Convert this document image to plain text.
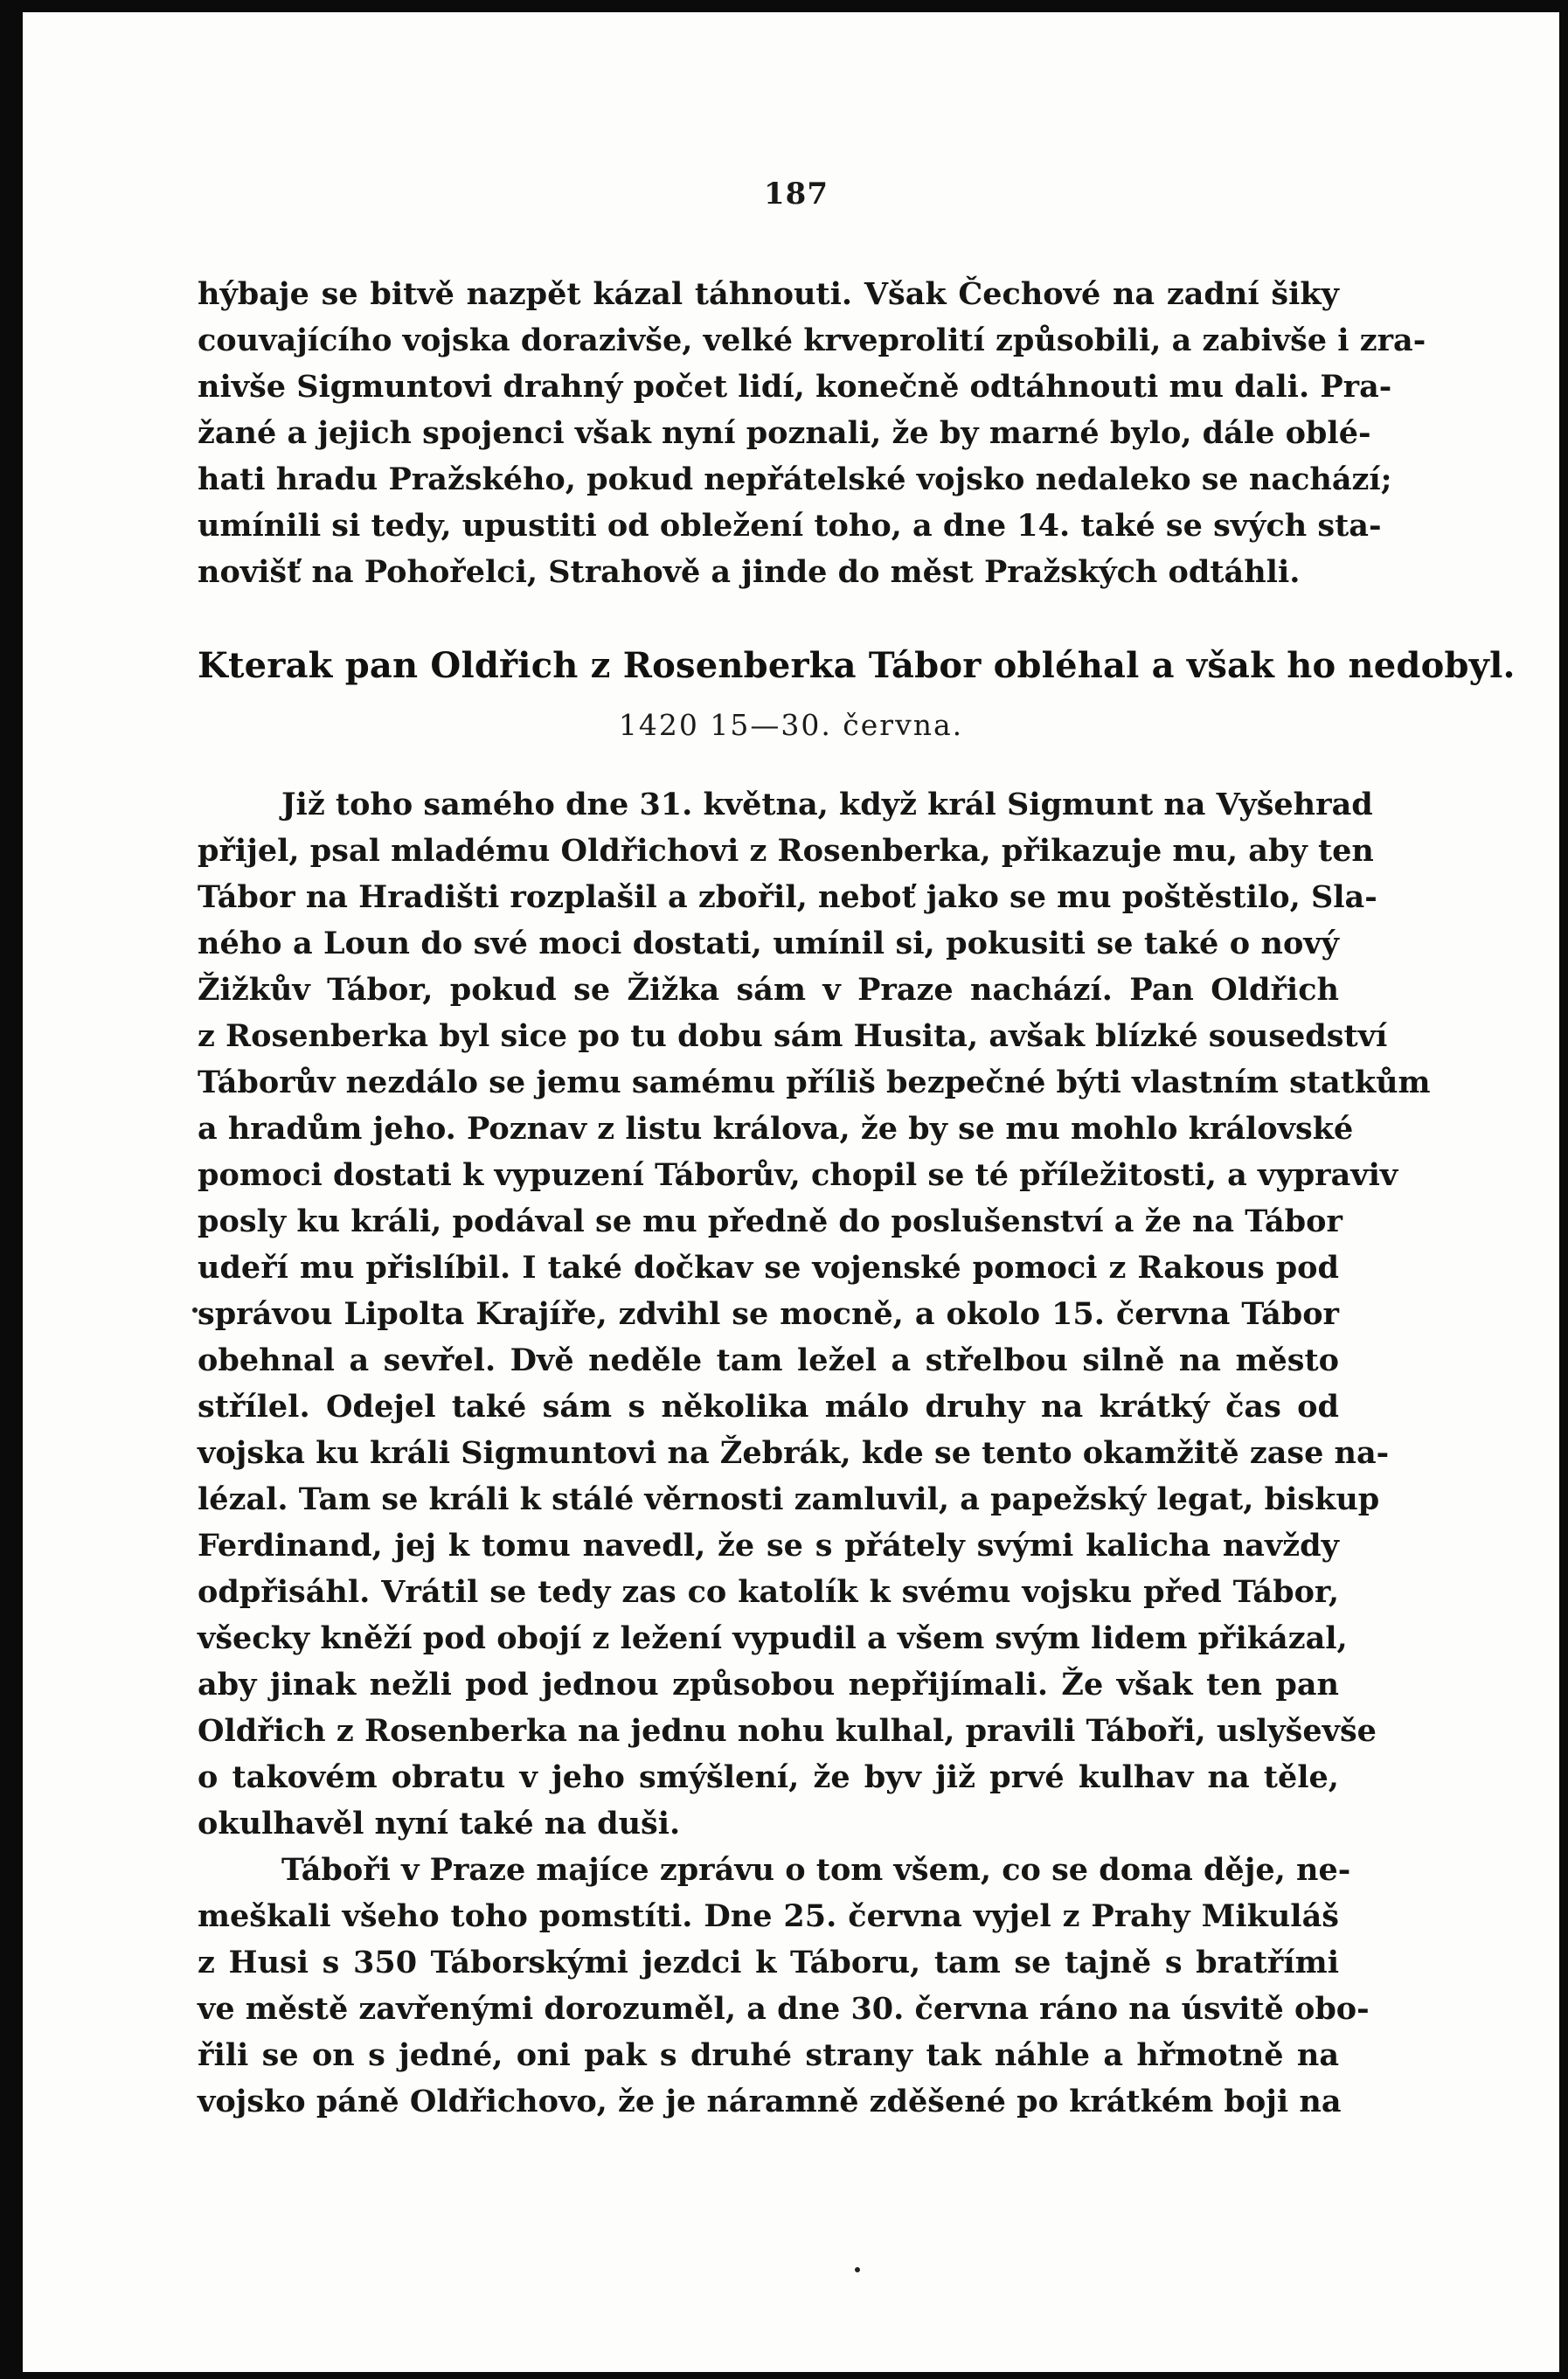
187
hýbaje se bitvě nazpět kázal táhnouti. Však Čechové na zadní šiky
couvajícího vojska dorazivše, velké krveprolití způsobili, a zabivše i zra-
nivše Sigmuntovi drahný počet lidí, konečně odtáhnouti mu dali. Pra-
žané a jejich spojenci však nyní poznali, že by marné bylo, dále oblé-
hati hradu Pražského, pokud nepřátelské vojsko nedaleko se nachází;
umínili si tedy, upustiti od obležení toho, a dne 14. také se svých sta-
novišť na Pohořelci, Strahově a jinde do měst Pražských odtáhli.
Kterak pan Oldřich z Rosenberka Tábor obléhal a však ho nedobyl.
1420 15—30. června.
Již toho samého dne 31. května, když král Sigmunt na Vyšehrad
přijel, psal mladému Oldřichovi z Rosenberka, přikazuje mu, aby ten
Tábor na Hradišti rozplašil a zbořil, neboť jako se mu poštěstilo, Sla-
ného a Loun do své moci dostati, umínil si, pokusiti se také o nový
Žižkův Tábor, pokud se Žižka sám v Praze nachází. Pan Oldřich
z Rosenberka byl sice po tu dobu sám Husita, avšak blízké sousedství
Táborův nezdálo se jemu samému příliš bezpečné býti vlastním statkům
a hradům jeho. Poznav z listu králova, že by se mu mohlo královské
pomoci dostati k vypuzení Táborův, chopil se té příležitosti, a vypraviv
posly ku králi, podával se mu předně do poslušenství a že na Tábor
udeří mu přislíbil. I také dočkav se vojenské pomoci z Rakous pod
správou Lipolta Krajíře, zdvihl se mocně, a okolo 15. června Tábor
obehnal a sevřel. Dvě neděle tam ležel a střelbou silně na město
střílel. Odejel také sám s několika málo druhy na krátký čas od
vojska ku králi Sigmuntovi na Žebrák, kde se tento okamžitě zase na-
lézal. Tam se králi k stálé věrnosti zamluvil, a papežský legat, biskup
Ferdinand, jej k tomu navedl, že se s přátely svými kalicha navždy
odpřisáhl. Vrátil se tedy zas co katolík k svému vojsku před Tábor,
všecky kněží pod obojí z ležení vypudil a všem svým lidem přikázal,
aby jinak nežli pod jednou způsobou nepřijímali. Že však ten pan
Oldřich z Rosenberka na jednu nohu kulhal, pravili Táboři, uslyševše
o takovém obratu v jeho smýšlení, že byv již prvé kulhav na těle,
okulhavěl nyní také na duši.
Táboři v Praze majíce zprávu o tom všem, co se doma děje, ne-
meškali všeho toho pomstíti. Dne 25. června vyjel z Prahy Mikuláš
z Husi s 350 Táborskými jezdci k Táboru, tam se tajně s bratřími
ve městě zavřenými dorozuměl, a dne 30. června ráno na úsvitě obo-
řili se on s jedné, oni pak s druhé strany tak náhle a hřmotně na
vojsko páně Oldřichovo, že je náramně zděšené po krátkém boji na
